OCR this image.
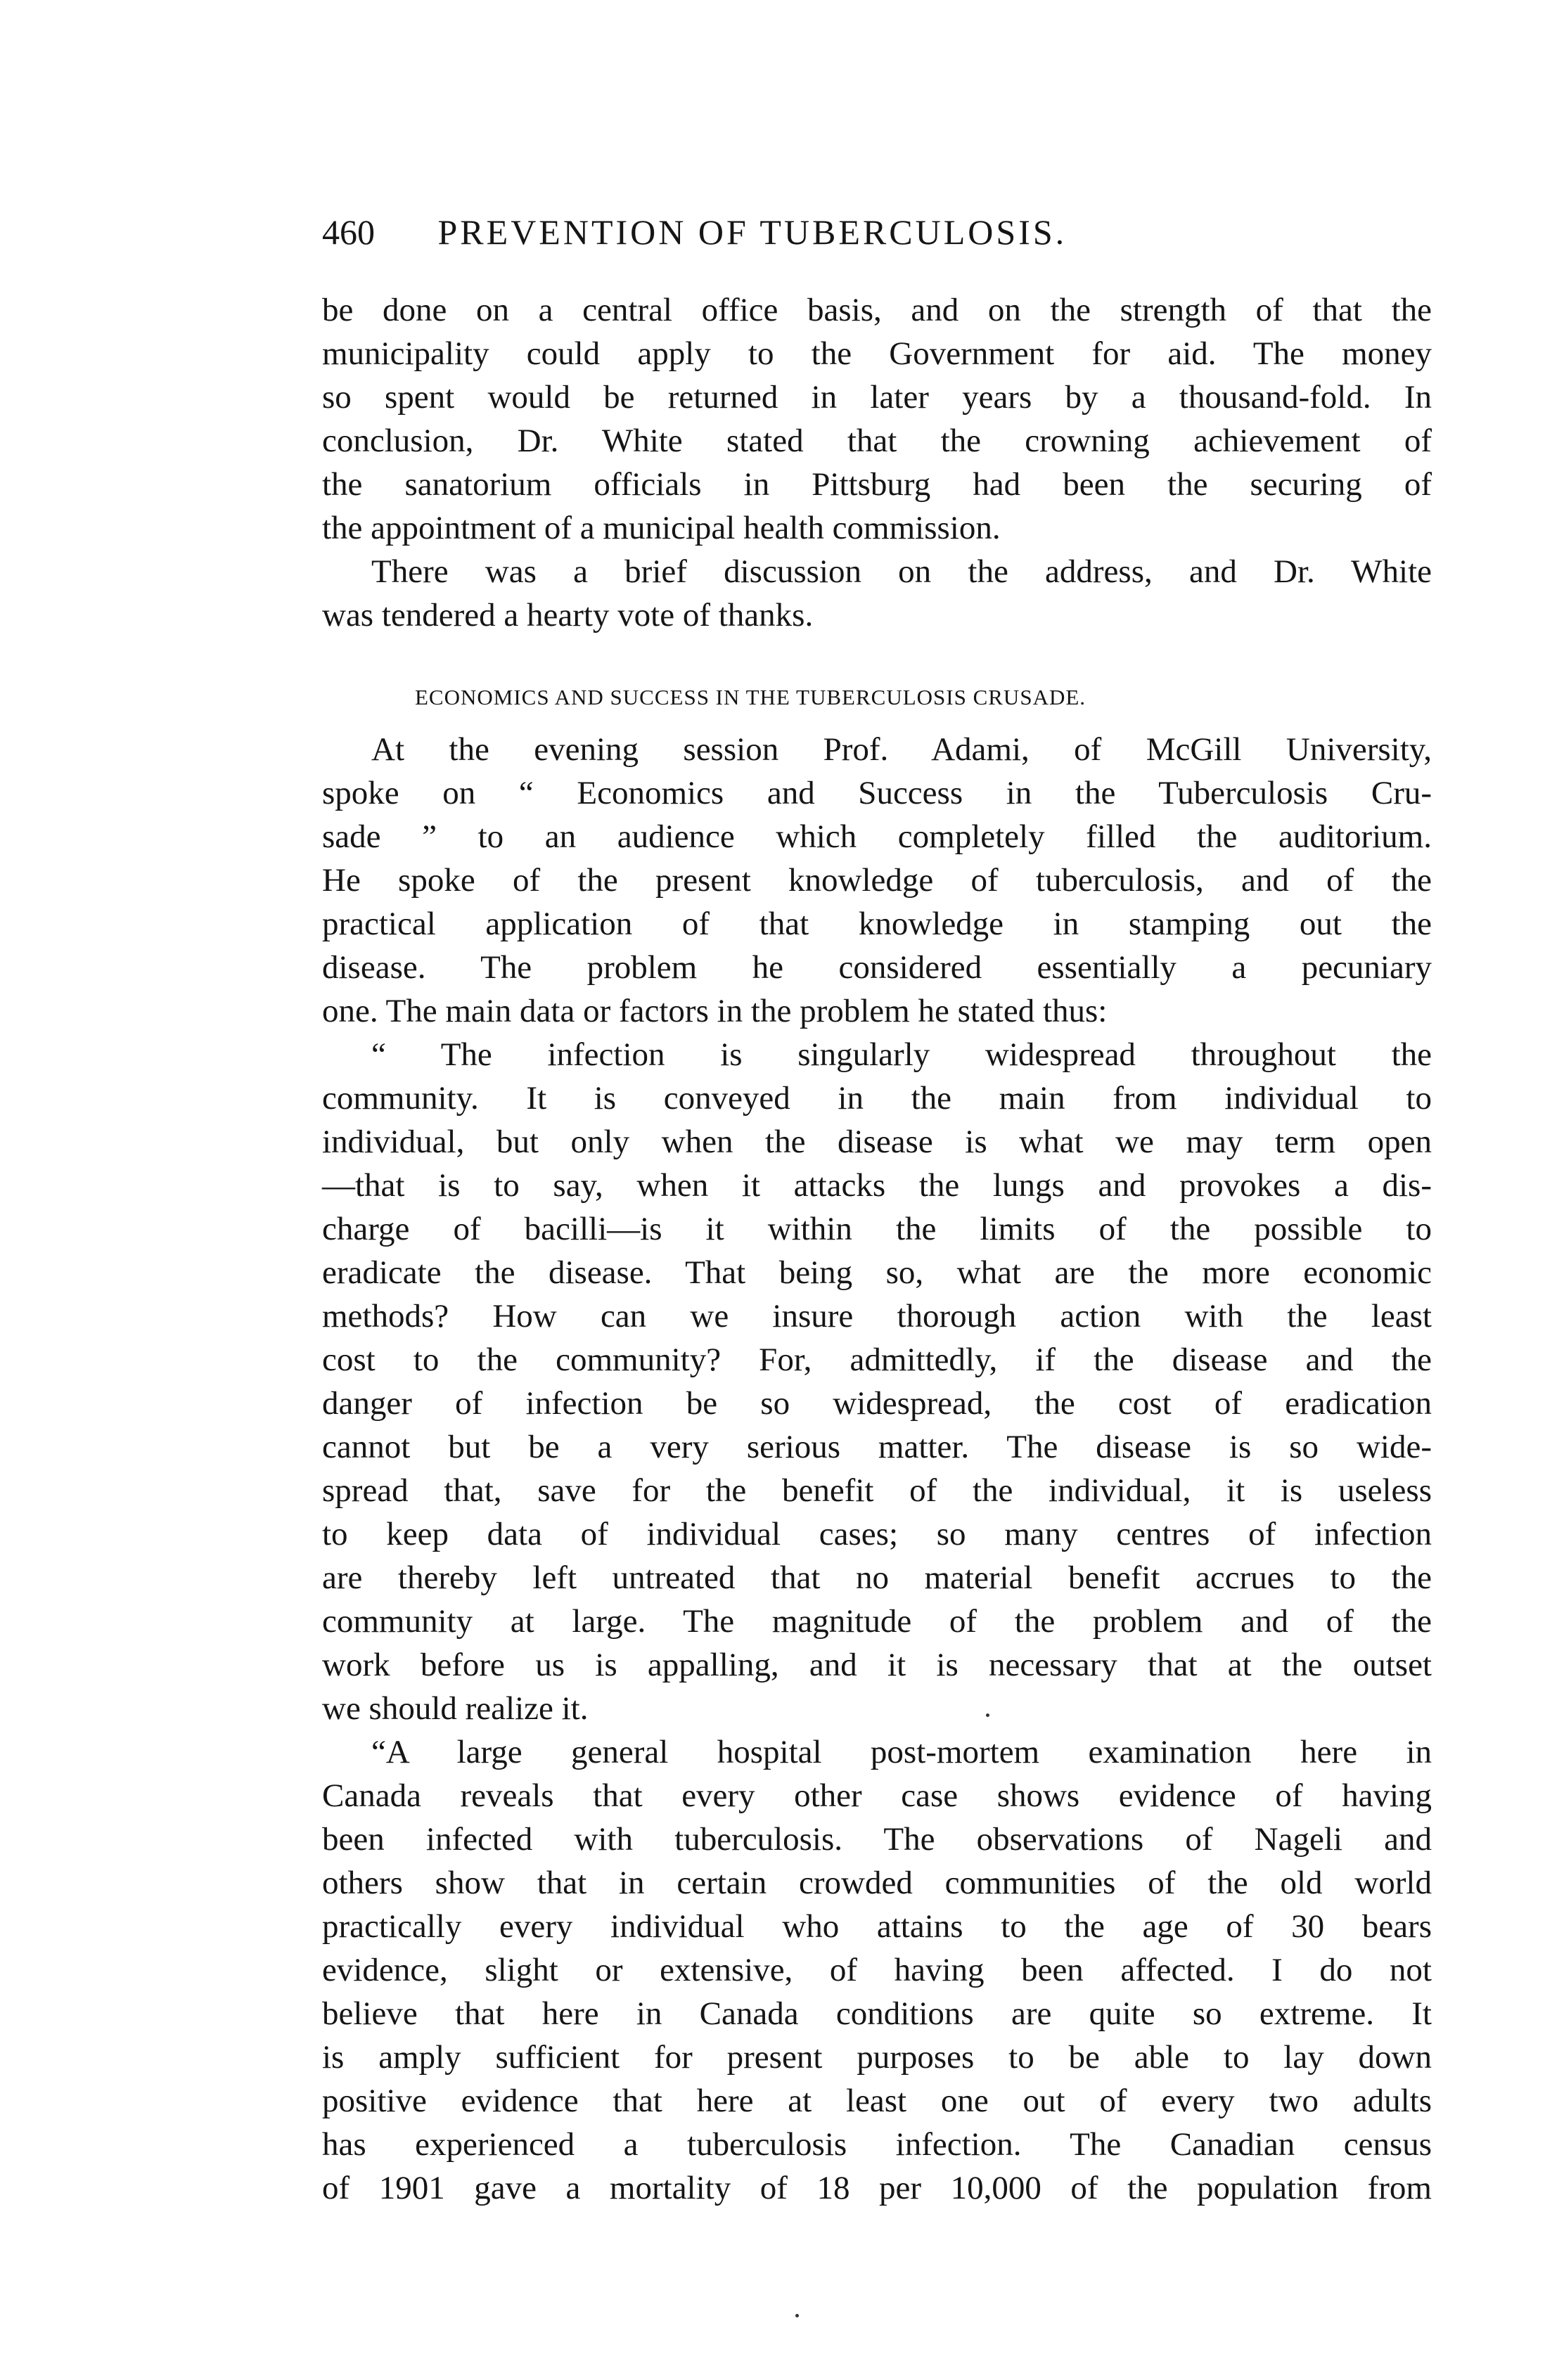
460 PREVENTION OF TUBERCULOSIS.
be done on a central office basis, and on the strength of that the
municipality could apply to the Government for aid. The money
so spent would be returned in later years by a thousand-fold. In
conclusion, Dr. White stated that the crowning achievement of
the sanatorium officials in Pittsburg had been the securing of
the appointment of a municipal health commission.
There was a brief discussion on the address, and Dr. White
was tendered a hearty vote of thanks.
ECONOMICS AND SUCCESS IN THE TUBERCULOSIS CRUSADE.
At the evening session Prof. Adami, of McGill University,
spoke on “ Economics and Success in the Tuberculosis Cru-
sade ” to an audience which completely filled the auditorium.
He spoke of the present knowledge of tuberculosis, and of the
practical application of that knowledge in stamping out the
disease. The problem he considered essentially a pecuniary
one. The main data or factors in the problem he stated thus:
“ The infection is singularly widespread throughout the
community. It is conveyed in the main from individual to
individual, but only when the disease is what we may term open
—that is to say, when it attacks the lungs and provokes a dis-
charge of bacilli—is it within the limits of the possible to
eradicate the disease. That being so, what are the more economic
methods? How can we insure thorough action with the least
cost to the community? For, admittedly, if the disease and the
danger of infection be so widespread, the cost of eradication
cannot but be a very serious matter. The disease is so wide-
spread that, save for the benefit of the individual, it is useless
to keep data of individual cases; so many centres of infection
are thereby left untreated that no material benefit accrues to the
community at large. The magnitude of the problem and of the
work before us is appalling, and it is necessary that at the outset
we should realize it.
“A large general hospital post-mortem examination here in
Canada reveals that every other case shows evidence of having
been infected with tuberculosis. The observations of Nageli and
others show that in certain crowded communities of the old world
practically every individual who attains to the age of 30 bears
evidence, slight or extensive, of having been affected. I do not
believe that here in Canada conditions are quite so extreme. It
is amply sufficient for present purposes to be able to lay down
positive evidence that here at least one out of every two adults
has experienced a tuberculosis infection. The Canadian census
of 1901 gave a mortality of 18 per 10,000 of the population from
